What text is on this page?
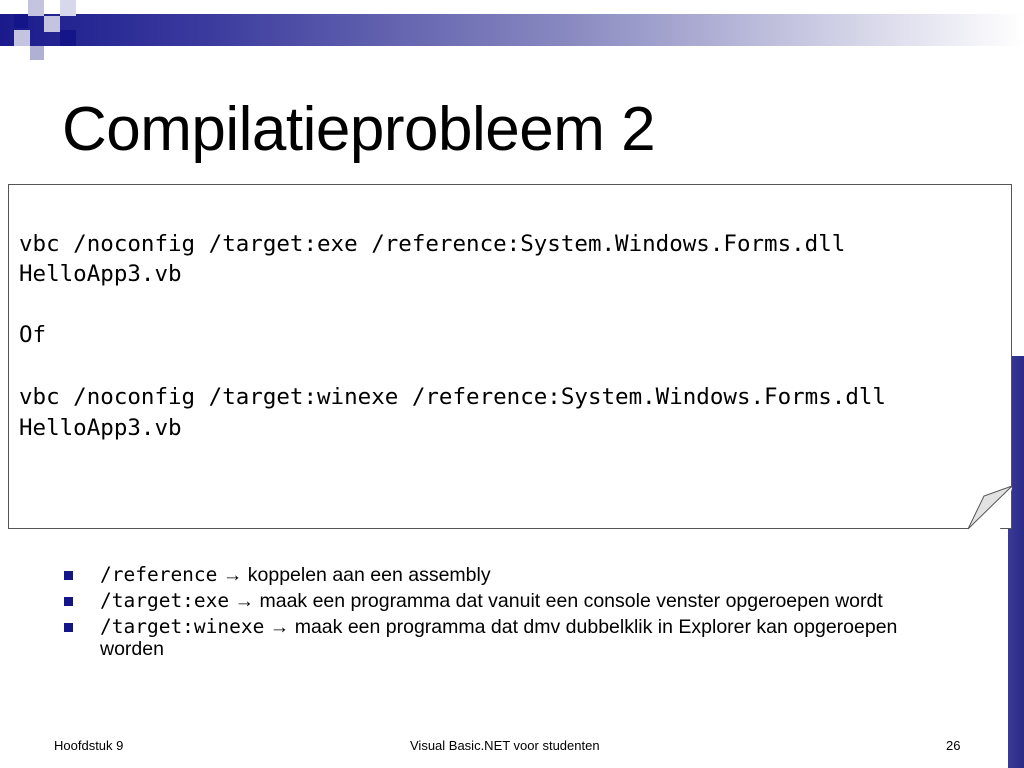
Compilatieprobleem 2
vbc /noconfig /target:exe /reference:System.Windows.Forms.dll
HelloApp3.vb
Of
vbc /noconfig /target:winexe /reference:System.Windows.Forms.dll
HelloApp3.vb
/reference → koppelen aan een assembly
/target:exe → maak een programma dat vanuit een console venster opgeroepen wordt
/target:winexe → maak een programma dat dmv dubbelklik in Explorer kan opgeroepen worden
Hoofdstuk 9	Visual Basic.NET voor studenten	26
